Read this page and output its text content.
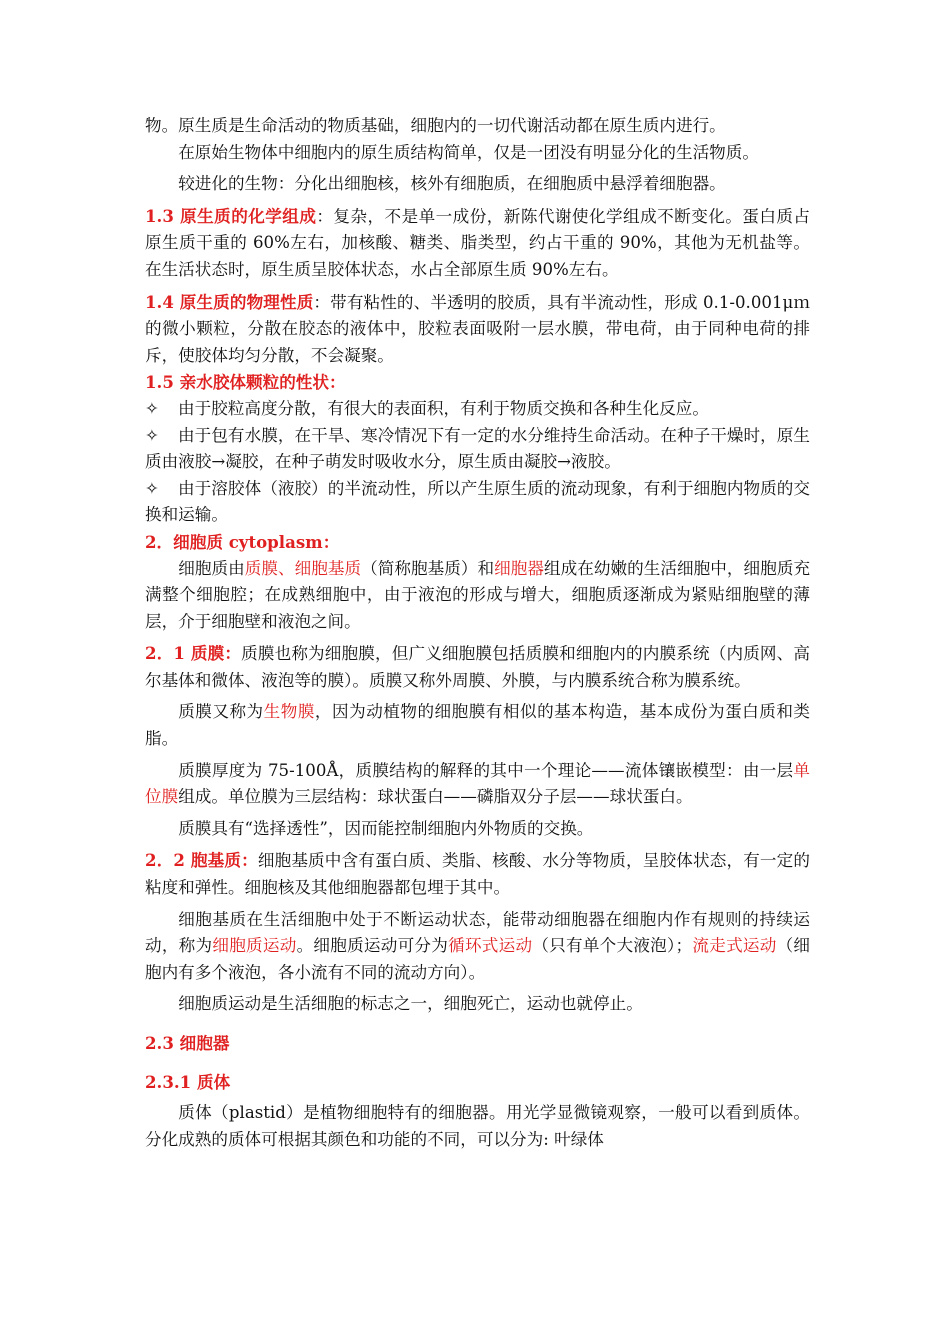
物。原生质是生命活动的物质基础，细胞内的一切代谢活动都在原生质内进行。

在原始生物体中细胞内的原生质结构简单，仅是一团没有明显分化的生活物质。

较进化的生物：分化出细胞核，核外有细胞质，在细胞质中悬浮着细胞器。

1.3 原生质的化学组成：复杂，不是单一成份，新陈代谢使化学组成不断变化。蛋白质占原生质干重的 60%左右，加核酸、糖类、脂类型，约占干重的 90%，其他为无机盐等。在生活状态时，原生质呈胶体状态，水占全部原生质 90%左右。

1.4 原生质的物理性质：带有粘性的、半透明的胶质，具有半流动性，形成 0.1-0.001μｍ的微小颗粒，分散在胶态的液体中，胶粒表面吸附一层水膜，带电荷，由于同种电荷的排斥，使胶体均匀分散，不会凝聚。

1.5 亲水胶体颗粒的性状：

✧ 由于胶粒高度分散，有很大的表面积，有利于物质交换和各种生化反应。

✧ 由于包有水膜，在干旱、寒冷情况下有一定的水分维持生命活动。在种子干燥时，原生质由液胶→凝胶，在种子萌发时吸收水分，原生质由凝胶→液胶。

✧ 由于溶胶体（液胶）的半流动性，所以产生原生质的流动现象，有利于细胞内物质的交换和运输。

2．细胞质 cytoplasm：

细胞质由质膜、细胞基质（简称胞基质）和细胞器组成在幼嫩的生活细胞中，细胞质充满整个细胞腔；在成熟细胞中，由于液泡的形成与增大，细胞质逐渐成为紧贴细胞壁的薄层，介于细胞壁和液泡之间。

2．1 质膜：质膜也称为细胞膜，但广义细胞膜包括质膜和细胞内的内膜系统（内质网、高尔基体和微体、液泡等的膜）。质膜又称外周膜、外膜，与内膜系统合称为膜系统。

质膜又称为生物膜，因为动植物的细胞膜有相似的基本构造，基本成份为蛋白质和类脂。

质膜厚度为 75-100Å，质膜结构的解释的其中一个理论——流体镶嵌模型：由一层单位膜组成。单位膜为三层结构：球状蛋白——磷脂双分子层——球状蛋白。

质膜具有“选择透性”，因而能控制细胞内外物质的交换。

2．2 胞基质：细胞基质中含有蛋白质、类脂、核酸、水分等物质，呈胶体状态，有一定的粘度和弹性。细胞核及其他细胞器都包埋于其中。

细胞基质在生活细胞中处于不断运动状态，能带动细胞器在细胞内作有规则的持续运动，称为细胞质运动。细胞质运动可分为循环式运动（只有单个大液泡）；流走式运动（细胞内有多个液泡，各小流有不同的流动方向）。

细胞质运动是生活细胞的标志之一，细胞死亡，运动也就停止。

2.3 细胞器

2.3.1 质体

质体（plastid）是植物细胞特有的细胞器。用光学显微镜观察，一般可以看到质体。分化成熟的质体可根据其颜色和功能的不同，可以分为: 叶绿体
